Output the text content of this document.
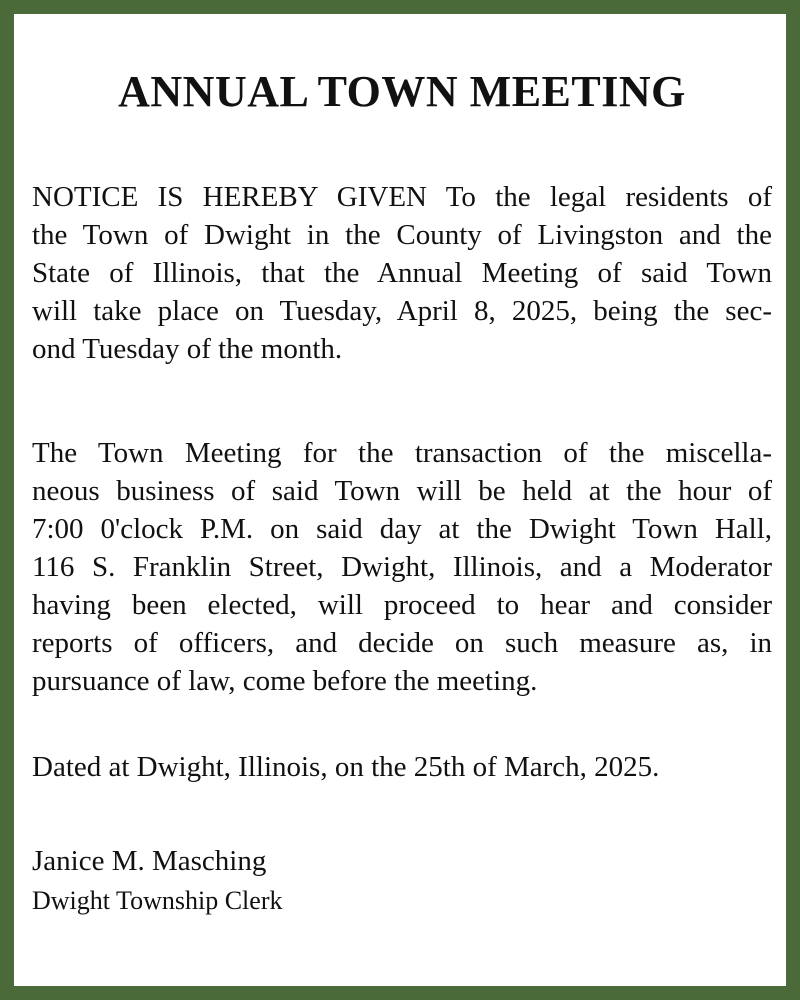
ANNUAL TOWN MEETING
NOTICE IS HEREBY GIVEN To the legal residents of
the Town of Dwight in the County of Livingston and the
State of Illinois, that the Annual Meeting of said Town
will take place on Tuesday, April 8, 2025, being the sec-
ond Tuesday of the month.
The Town Meeting for the transaction of the miscella-
neous business of said Town will be held at the hour of
7:00 0'clock P.M. on said day at the Dwight Town Hall,
116 S. Franklin Street, Dwight, Illinois, and a Moderator
having been elected, will proceed to hear and consider
reports of officers, and decide on such measure as, in
pursuance of law, come before the meeting.

Dated at Dwight, Illinois, on the 25th of March, 2025.

Janice M. Masching

Dwight Township Clerk
